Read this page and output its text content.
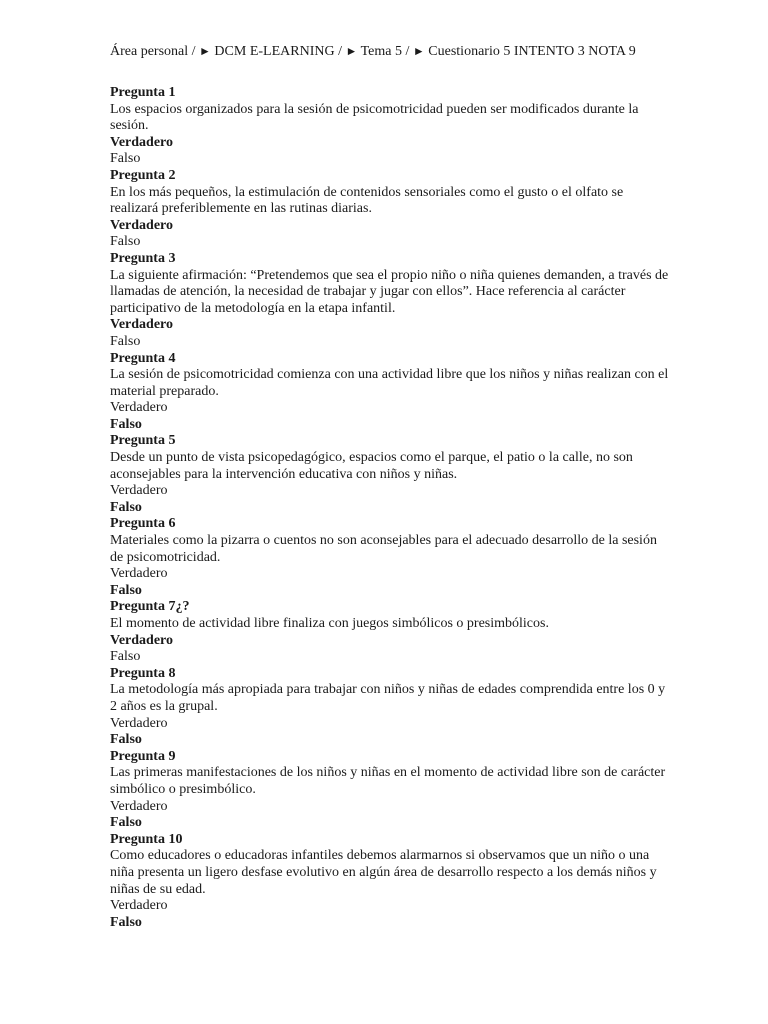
Área personal / ► DCM E-LEARNING / ► Tema 5 / ► Cuestionario 5 INTENTO 3 NOTA 9
Pregunta 1
Los espacios organizados para la sesión de psicomotricidad pueden ser modificados durante la sesión.
Verdadero
Falso
Pregunta 2
En los más pequeños, la estimulación de contenidos sensoriales como el gusto o el olfato se realizará preferiblemente en las rutinas diarias.
Verdadero
Falso
Pregunta 3
La siguiente afirmación: “Pretendemos que sea el propio niño o niña quienes demanden, a través de llamadas de atención, la necesidad de trabajar y jugar con ellos”. Hace referencia al carácter participativo de la metodología en la etapa infantil.
Verdadero
Falso
Pregunta 4
La sesión de psicomotricidad comienza con una actividad libre que los niños y niñas realizan con el material preparado.
Verdadero
Falso
Pregunta 5
Desde un punto de vista psicopedagógico, espacios como el parque, el patio o la calle, no son aconsejables para la intervención educativa con niños y niñas.
Verdadero
Falso
Pregunta 6
Materiales como la pizarra o cuentos no son aconsejables para el adecuado desarrollo de la sesión de psicomotricidad.
Verdadero
Falso
Pregunta 7¿?
El momento de actividad libre finaliza con juegos simbólicos o presimbólicos.
Verdadero
Falso
Pregunta 8
La metodología más apropiada para trabajar con niños y niñas de edades comprendida entre los 0 y 2 años es la grupal.
Verdadero
Falso
Pregunta 9
Las primeras manifestaciones de los niños y niñas en el momento de actividad libre son de carácter simbólico o presimbólico.
Verdadero
Falso
Pregunta 10
Como educadores o educadoras infantiles debemos alarmarnos si observamos que un niño o una niña presenta un ligero desfase evolutivo en algún área de desarrollo respecto a los demás niños y niñas de su edad.
Verdadero
Falso
